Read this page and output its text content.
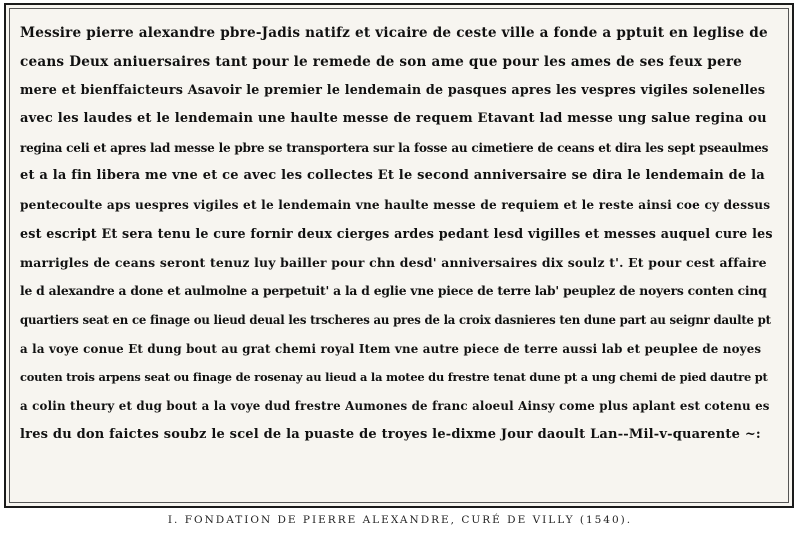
Messire pierre alexandre pbre-Jadis natifz et vicaire de ceste ville a fonde a pptuit en leglise de
ceans Deux aniuersaires tant pour le remede de son ame que pour les ames de ses feux pere
mere et bienffaicteurs Asavoir le premier le lendemain de pasques apres les vespres vigiles solenelles
avec les laudes et le lendemain une haulte messe de requem Etavant lad messe ung salue regina ou
regina celi et apres lad messe le pbre se transportera sur la fosse au cimetiere de ceans et dira les sept pseaulmes
et a la fin libera me vne et ce avec les collectes Et le second anniversaire se dira le lendemain de la
pentecoulte aps uespres vigiles et le lendemain vne haulte messe de requiem et le reste ainsi coe cy dessus
est escript Et sera tenu le cure fornir deux cierges ardes pedant lesd vigilles et messes auquel cure les
marrigles de ceans seront tenuz luy bailler pour chn desd' anniversaires dix soulz t'. Et pour cest affaire
le d alexandre a done et aulmolne a perpetuit' a la d eglie vne piece de terre lab' peuplez de noyers conten cinq
quartiers seat en ce finage ou lieud deual les trscheres au pres de la croix dasnieres ten dune part au seignr daulte pt
a la voye conue Et dung bout au grat chemi royal Item vne autre piece de terre aussi lab et peuplee de noyes
couten trois arpens seat ou finage de rosenay au lieud a la motee du frestre tenat dune pt a ung chemi de pied dautre pt
a colin theury et dug bout a la voye dud frestre Aumones de franc aloeul Ainsy come plus aplant est cotenu es
lres du don faictes soubz le scel de la puaste de troyes le-dixme Jour daoult Lan--Mil-v-quarente ~:
I. FONDATION DE PIERRE ALEXANDRE, CURÉ DE VILLY (1540).
